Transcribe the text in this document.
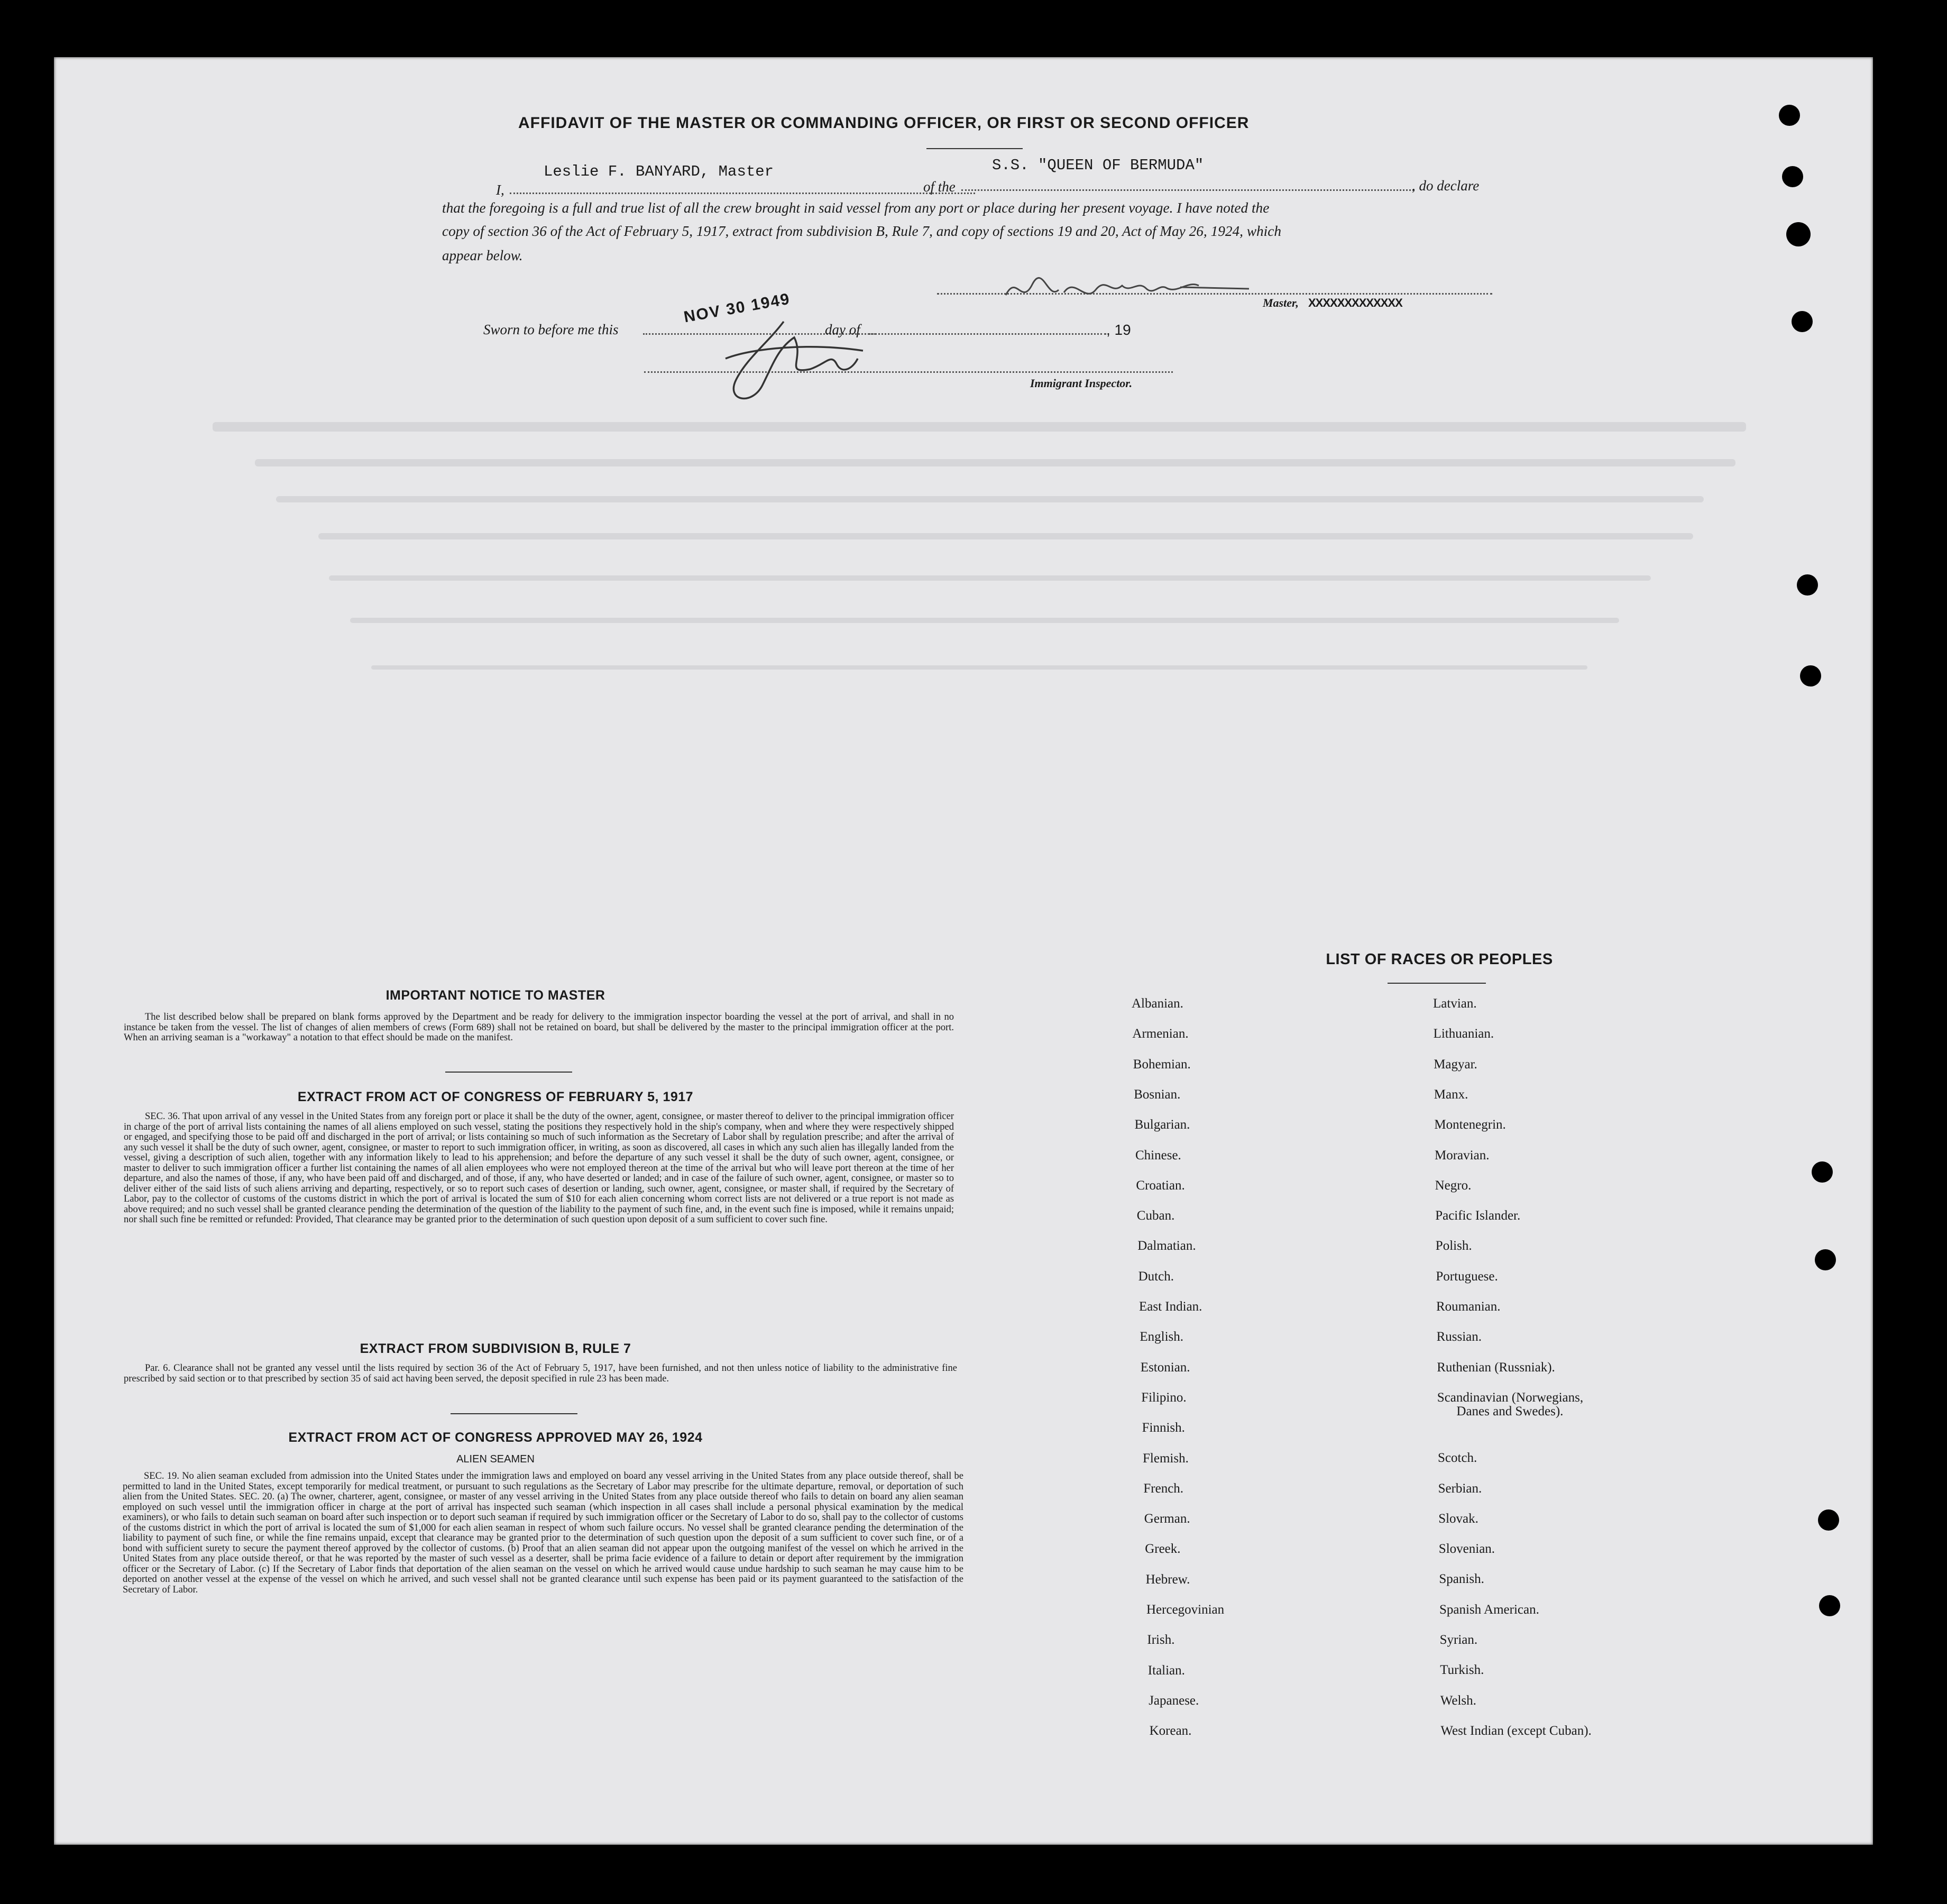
AFFIDAVIT OF THE MASTER OR COMMANDING OFFICER, OR FIRST OR SECOND OFFICER
I,
Leslie F. BANYARD, Master
of the
S.S. "QUEEN OF BERMUDA"
, do declare
that the foregoing is a full and true list of all the crew brought in said vessel from any port or place during her present voyage. I have noted the
copy of section 36 of the Act of February 5, 1917, extract from subdivision B, Rule 7, and copy of sections 19 and 20, Act of May 26, 1924, which
appear below.
Master, XXXXXXXXXXXXX
Sworn to before me this
NOV 30 1949
day of	, 19
Immigrant Inspector.
IMPORTANT NOTICE TO MASTER
The list described below shall be prepared on blank forms approved by the Department and be ready for delivery to the immigration inspector boarding the vessel at the port of arrival, and shall in no instance be taken from the vessel. The list of changes of alien members of crews (Form 689) shall not be retained on board, but shall be delivered by the master to the principal immigration officer at the port. When an arriving seaman is a "workaway" a notation to that effect should be made on the manifest.
EXTRACT FROM ACT OF CONGRESS OF FEBRUARY 5, 1917
SEC. 36. That upon arrival of any vessel in the United States from any foreign port or place it shall be the duty of the owner, agent, consignee, or master thereof to deliver to the principal immigration officer in charge of the port of arrival lists containing the names of all aliens employed on such vessel, stating the positions they respectively hold in the ship's company, when and where they were respectively shipped or engaged, and specifying those to be paid off and discharged in the port of arrival; or lists containing so much of such information as the Secretary of Labor shall by regulation prescribe; and after the arrival of any such vessel it shall be the duty of such owner, agent, consignee, or master to report to such immigration officer, in writing, as soon as discovered, all cases in which any such alien has illegally landed from the vessel, giving a description of such alien, together with any information likely to lead to his apprehension; and before the departure of any such vessel it shall be the duty of such owner, agent, consignee, or master to deliver to such immigration officer a further list containing the names of all alien employees who were not employed thereon at the time of the arrival but who will leave port thereon at the time of her departure, and also the names of those, if any, who have been paid off and discharged, and of those, if any, who have deserted or landed; and in case of the failure of such owner, agent, consignee, or master so to deliver either of the said lists of such aliens arriving and departing, respectively, or so to report such cases of desertion or landing, such owner, agent, consignee, or master shall, if required by the Secretary of Labor, pay to the collector of customs of the customs district in which the port of arrival is located the sum of $10 for each alien concerning whom correct lists are not delivered or a true report is not made as above required; and no such vessel shall be granted clearance pending the determination of the question of the liability to the payment of such fine, and, in the event such fine is imposed, while it remains unpaid; nor shall such fine be remitted or refunded: Provided, That clearance may be granted prior to the determination of such question upon deposit of a sum sufficient to cover such fine.
EXTRACT FROM SUBDIVISION B, RULE 7
Par. 6. Clearance shall not be granted any vessel until the lists required by section 36 of the Act of February 5, 1917, have been furnished, and not then unless notice of liability to the administrative fine prescribed by said section or to that prescribed by section 35 of said act having been served, the deposit specified in rule 23 has been made.
EXTRACT FROM ACT OF CONGRESS APPROVED MAY 26, 1924
ALIEN SEAMEN
SEC. 19. No alien seaman excluded from admission into the United States under the immigration laws and employed on board any vessel arriving in the United States from any place outside thereof, shall be permitted to land in the United States, except temporarily for medical treatment, or pursuant to such regulations as the Secretary of Labor may prescribe for the ultimate departure, removal, or deportation of such alien from the United States. SEC. 20. (a) The owner, charterer, agent, consignee, or master of any vessel arriving in the United States from any place outside thereof who fails to detain on board any alien seaman employed on such vessel until the immigration officer in charge at the port of arrival has inspected such seaman (which inspection in all cases shall include a personal physical examination by the medical examiners), or who fails to detain such seaman on board after such inspection or to deport such seaman if required by such immigration officer or the Secretary of Labor to do so, shall pay to the collector of customs of the customs district in which the port of arrival is located the sum of $1,000 for each alien seaman in respect of whom such failure occurs. No vessel shall be granted clearance pending the determination of the liability to payment of such fine, or while the fine remains unpaid, except that clearance may be granted prior to the determination of such question upon the deposit of a sum sufficient to cover such fine, or of a bond with sufficient surety to secure the payment thereof approved by the collector of customs. (b) Proof that an alien seaman did not appear upon the outgoing manifest of the vessel on which he arrived in the United States from any place outside thereof, or that he was reported by the master of such vessel as a deserter, shall be prima facie evidence of a failure to detain or deport after requirement by the immigration officer or the Secretary of Labor. (c) If the Secretary of Labor finds that deportation of the alien seaman on the vessel on which he arrived would cause undue hardship to such seaman he may cause him to be deported on another vessel at the expense of the vessel on which he arrived, and such vessel shall not be granted clearance until such expense has been paid or its payment guaranteed to the satisfaction of the Secretary of Labor.
LIST OF RACES OR PEOPLES
Albanian.
Armenian.
Bohemian.
Bosnian.
Bulgarian.
Chinese.
Croatian.
Cuban.
Dalmatian.
Dutch.
East Indian.
English.
Estonian.
Filipino.
Finnish.
Flemish.
French.
German.
Greek.
Hebrew.
Hercegovinian
Irish.
Italian.
Japanese.
Korean.
Latvian.
Lithuanian.
Magyar.
Manx.
Montenegrin.
Moravian.
Negro.
Pacific Islander.
Polish.
Portuguese.
Roumanian.
Russian.
Ruthenian (Russniak).
Scandinavian (Norwegians,
Danes and Swedes).
Scotch.
Serbian.
Slovak.
Slovenian.
Spanish.
Spanish American.
Syrian.
Turkish.
Welsh.
West Indian (except Cuban).
